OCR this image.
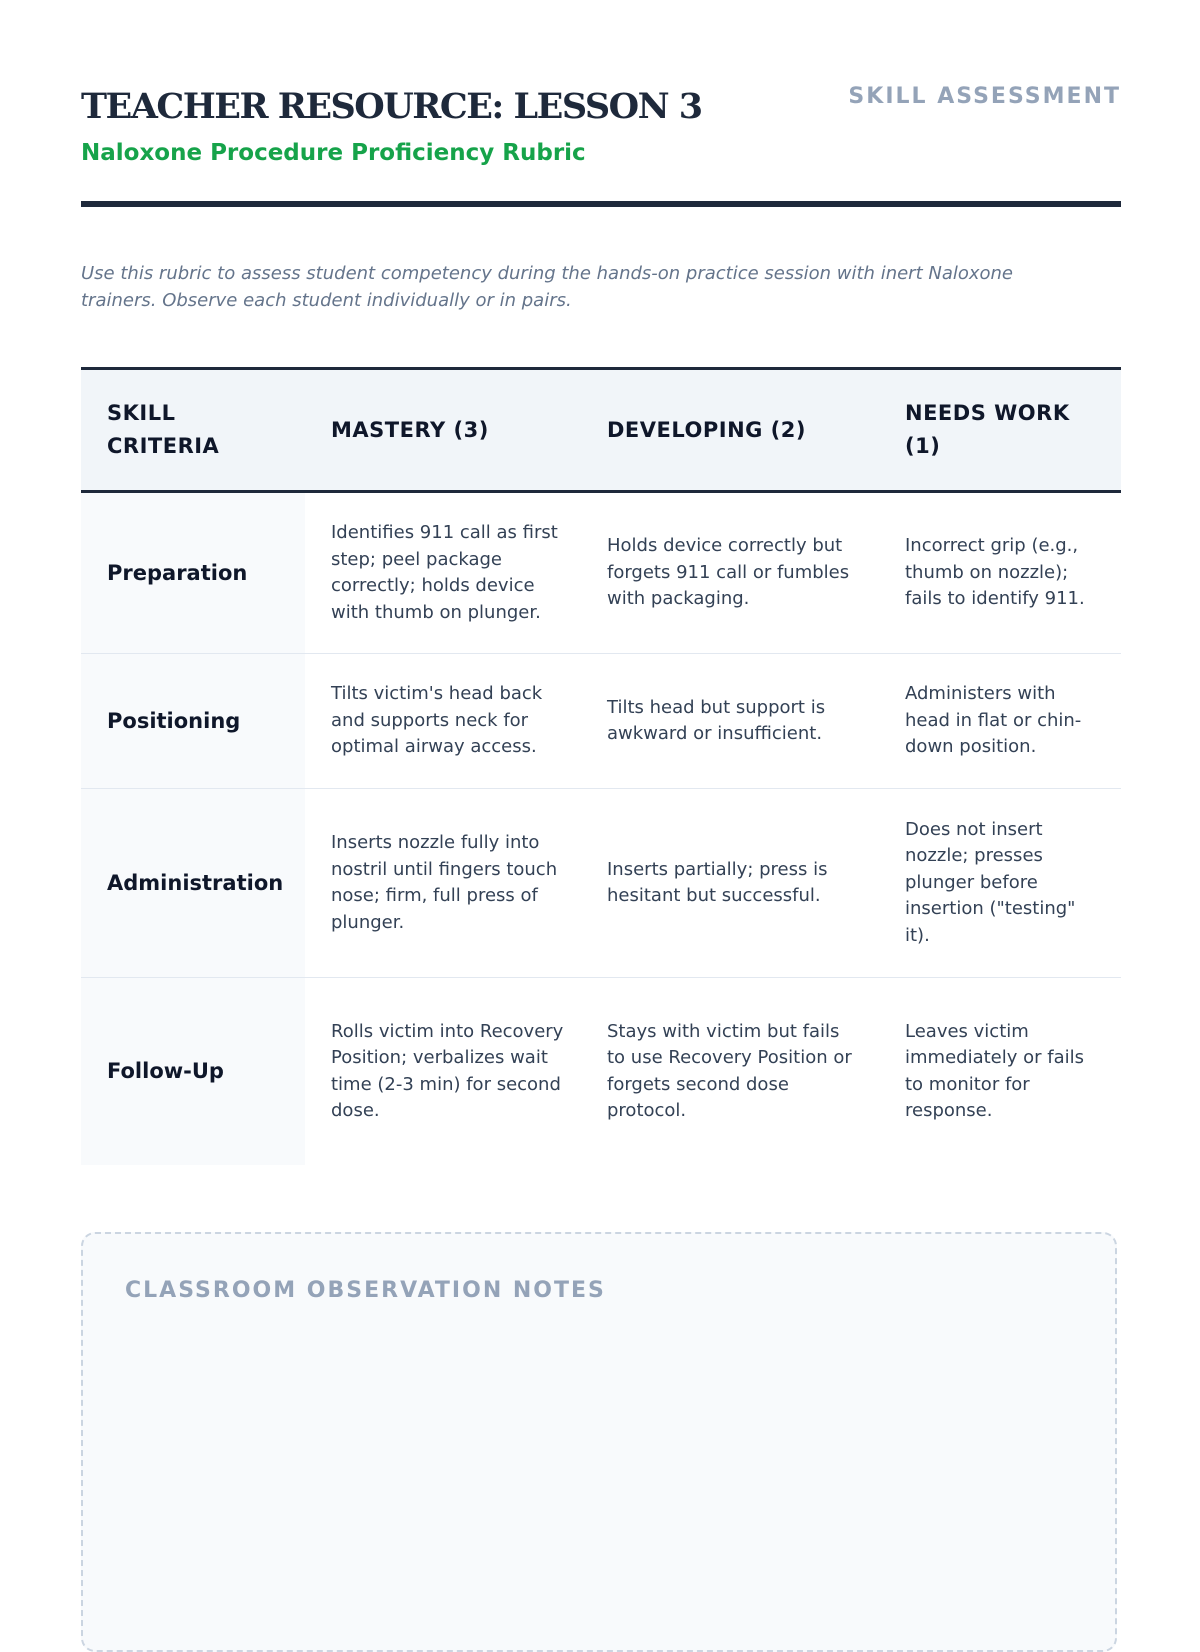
TEACHER RESOURCE: LESSON 3
Naloxone Procedure Proficiency Rubric
SKILL ASSESSMENT
Use this rubric to assess student competency during the hands-on practice session with inert Naloxone trainers. Observe each student individually or in pairs.
SKILL CRITERIA	MASTERY (3)	DEVELOPING (2)	NEEDS WORK (1)
Preparation	Identifies 911 call as first step; peel package correctly; holds device with thumb on plunger.	Holds device correctly but forgets 911 call or fumbles with packaging.	Incorrect grip (e.g., thumb on nozzle); fails to identify 911.
Positioning	Tilts victim's head back and supports neck for optimal airway access.	Tilts head but support is awkward or insufficient.	Administers with head in flat or chin-down position.
Administration	Inserts nozzle fully into nostril until fingers touch nose; firm, full press of plunger.	Inserts partially; press is hesitant but successful.	Does not insert nozzle; presses plunger before insertion ("testing" it).
Follow-Up	Rolls victim into Recovery Position; verbalizes wait time (2-3 min) for second dose.	Stays with victim but fails to use Recovery Position or forgets second dose protocol.	Leaves victim immediately or fails to monitor for response.
CLASSROOM OBSERVATION NOTES
